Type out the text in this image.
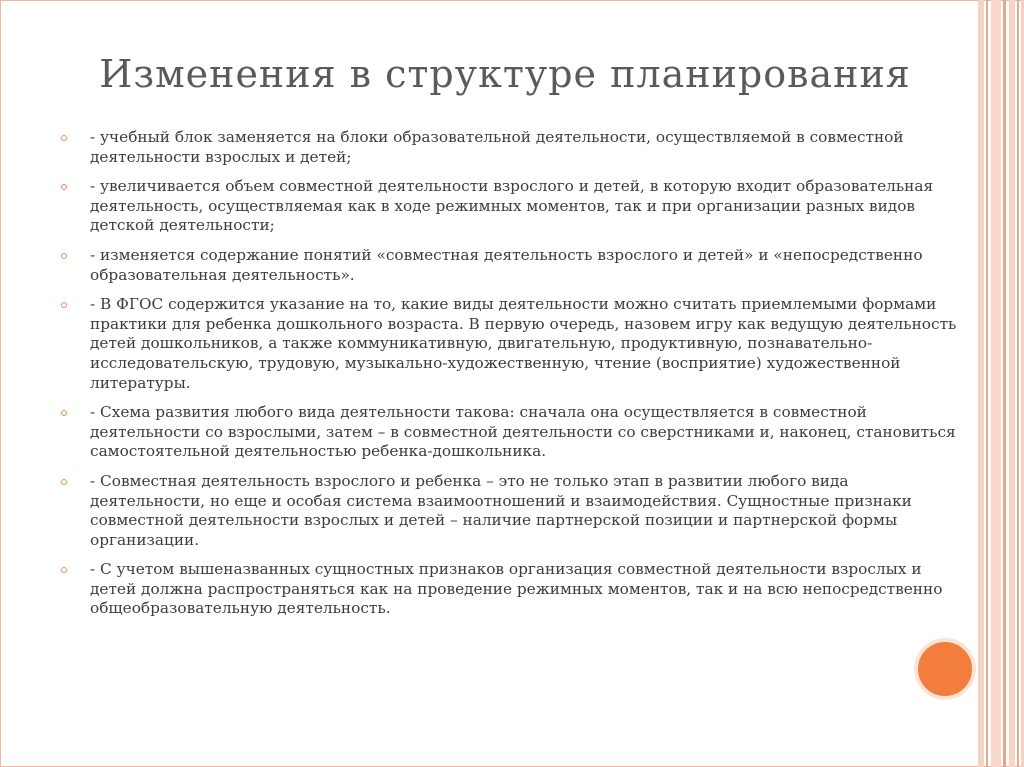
Изменения в структуре планирования
- учебный блок заменяется на блоки образовательной деятельности, осуществляемой в совместной деятельности взрослых и детей;
- увеличивается объем совместной деятельности взрослого и детей, в которую входит образовательная деятельность, осуществляемая как в ходе режимных моментов, так и при организации разных видов детской деятельности;
- изменяется содержание понятий «совместная деятельность взрослого и детей» и «непосредственно образовательная деятельность».
- В ФГОС содержится указание на то, какие виды деятельности можно считать приемлемыми формами практики для ребенка дошкольного возраста. В первую очередь, назовем игру как ведущую деятельность детей дошкольников, а также коммуникативную, двигательную, продуктивную, познавательно-исследовательскую, трудовую, музыкально-художественную, чтение (восприятие) художественной литературы.
- Схема развития любого вида деятельности такова: сначала она осуществляется в совместной деятельности со взрослыми, затем – в совместной деятельности со сверстниками и, наконец, становиться самостоятельной деятельностью ребенка-дошкольника.
- Совместная деятельность взрослого и ребенка – это не только этап в развитии любого вида деятельности, но еще и особая система взаимоотношений и взаимодействия. Сущностные признаки совместной деятельности взрослых и детей – наличие партнерской позиции и партнерской формы организации.
- С учетом вышеназванных сущностных признаков организация совместной деятельности взрослых и детей должна распространяться как на проведение режимных моментов, так и на всю непосредственно общеобразовательную деятельность.
